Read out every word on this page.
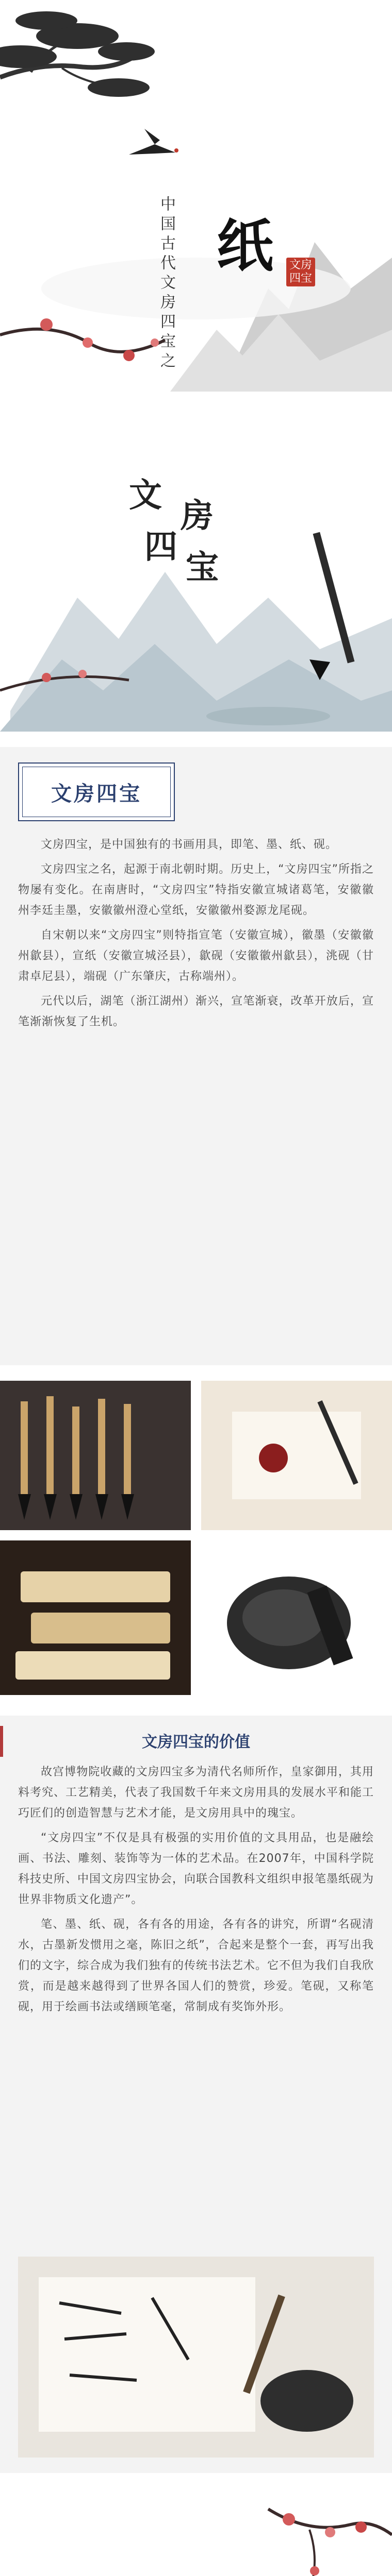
中国古代文房四宝之 纸 文房四宝
文
房
四
宝
文房四宝

文房四宝，是中国独有的书画用具，即笔、墨、纸、砚。

文房四宝之名，起源于南北朝时期。历史上，“文房四宝”所指之物屡有变化。在南唐时，“文房四宝”特指安徽宣城诸葛笔，安徽徽州李廷圭墨，安徽徽州澄心堂纸，安徽徽州婺源龙尾砚。

自宋朝以来“文房四宝”则特指宣笔（安徽宣城），徽墨（安徽徽州歙县），宣纸（安徽宣城泾县），歙砚（安徽徽州歙县），洮砚（甘肃卓尼县），端砚（广东肇庆，古称端州）。

元代以后，湖笔（浙江湖州）渐兴，宣笔渐衰，改革开放后，宣笔渐渐恢复了生机。

文房四宝的价值

故宫博物院收藏的文房四宝多为清代名师所作，皇家御用，其用料考究、工艺精美，代表了我国数千年来文房用具的发展水平和能工巧匠们的创造智慧与艺术才能，是文房用具中的瑰宝。

“文房四宝”不仅是具有极强的实用价值的文具用品，也是融绘画、书法、雕刻、装饰等为一体的艺术品。在2007年，中国科学院科技史所、中国文房四宝协会，向联合国教科文组织申报笔墨纸砚为世界非物质文化遗产”。

笔、墨、纸、砚，各有各的用途，各有各的讲究，所谓“名砚清水，古墨新发惯用之毫，陈旧之纸”，合起来是整个一套，再写出我们的文字，综合成为我们独有的传统书法艺术。它不但为我们自我欣赏，而是越来越得到了世界各国人们的赞赏，珍爱。笔砚，又称笔砚，用于绘画书法或缮顾笔毫，常制成有奖饰外形。
